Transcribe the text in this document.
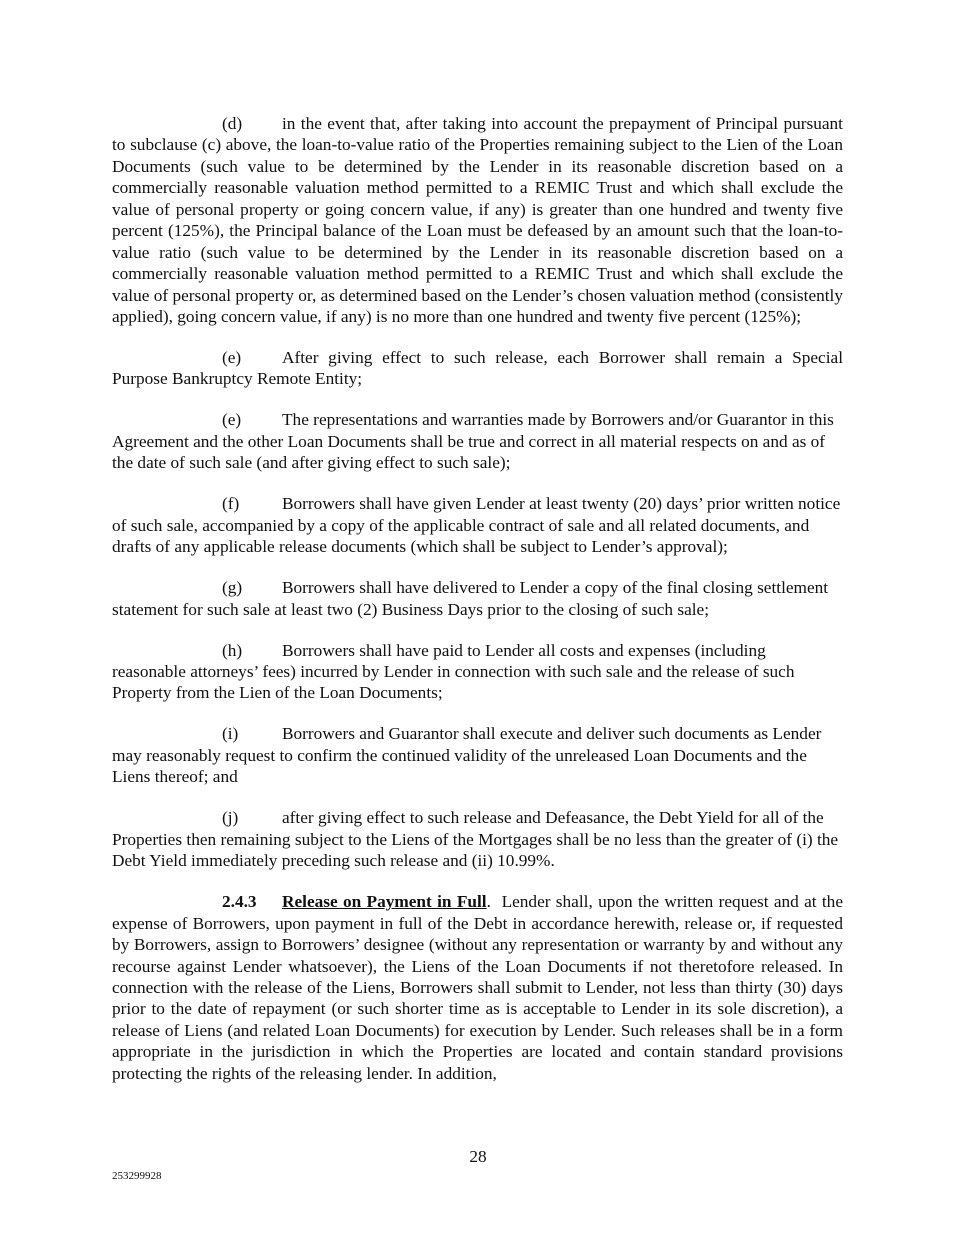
(d) in the event that, after taking into account the prepayment of Principal pursuant to subclause (c) above, the loan-to-value ratio of the Properties remaining subject to the Lien of the Loan Documents (such value to be determined by the Lender in its reasonable discretion based on a commercially reasonable valuation method permitted to a REMIC Trust and which shall exclude the value of personal property or going concern value, if any) is greater than one hundred and twenty five percent (125%), the Principal balance of the Loan must be defeased by an amount such that the loan-to-value ratio (such value to be determined by the Lender in its reasonable discretion based on a commercially reasonable valuation method permitted to a REMIC Trust and which shall exclude the value of personal property or, as determined based on the Lender’s chosen valuation method (consistently applied), going concern value, if any) is no more than one hundred and twenty five percent (125%);

(e) After giving effect to such release, each Borrower shall remain a Special Purpose Bankruptcy Remote Entity;

(e) The representations and warranties made by Borrowers and/or Guarantor in this Agreement and the other Loan Documents shall be true and correct in all material respects on and as of the date of such sale (and after giving effect to such sale);

(f) Borrowers shall have given Lender at least twenty (20) days’ prior written notice of such sale, accompanied by a copy of the applicable contract of sale and all related documents, and drafts of any applicable release documents (which shall be subject to Lender’s approval);

(g) Borrowers shall have delivered to Lender a copy of the final closing settlement statement for such sale at least two (2) Business Days prior to the closing of such sale;

(h) Borrowers shall have paid to Lender all costs and expenses (including reasonable attorneys’ fees) incurred by Lender in connection with such sale and the release of such Property from the Lien of the Loan Documents;

(i)	Borrowers and Guarantor shall execute and deliver such documents as Lender may reasonably request to confirm the continued validity of the unreleased Loan Documents and the Liens thereof; and

(j)	after giving effect to such release and Defeasance, the Debt Yield for all of the Properties then remaining subject to the Liens of the Mortgages shall be no less than the greater of (i) the Debt Yield immediately preceding such release and (ii) 10.99%.

2.4.3 Release on Payment in Full. Lender shall, upon the written request and at the expense of Borrowers, upon payment in full of the Debt in accordance herewith, release or, if requested by Borrowers, assign to Borrowers’ designee (without any representation or warranty by and without any recourse against Lender whatsoever), the Liens of the Loan Documents if not theretofore released. In connection with the release of the Liens, Borrowers shall submit to Lender, not less than thirty (30) days prior to the date of repayment (or such shorter time as is acceptable to Lender in its sole discretion), a release of Liens (and related Loan Documents) for execution by Lender. Such releases shall be in a form appropriate in the jurisdiction in which the Properties are located and contain standard provisions protecting the rights of the releasing lender. In addition,

28
253299928
